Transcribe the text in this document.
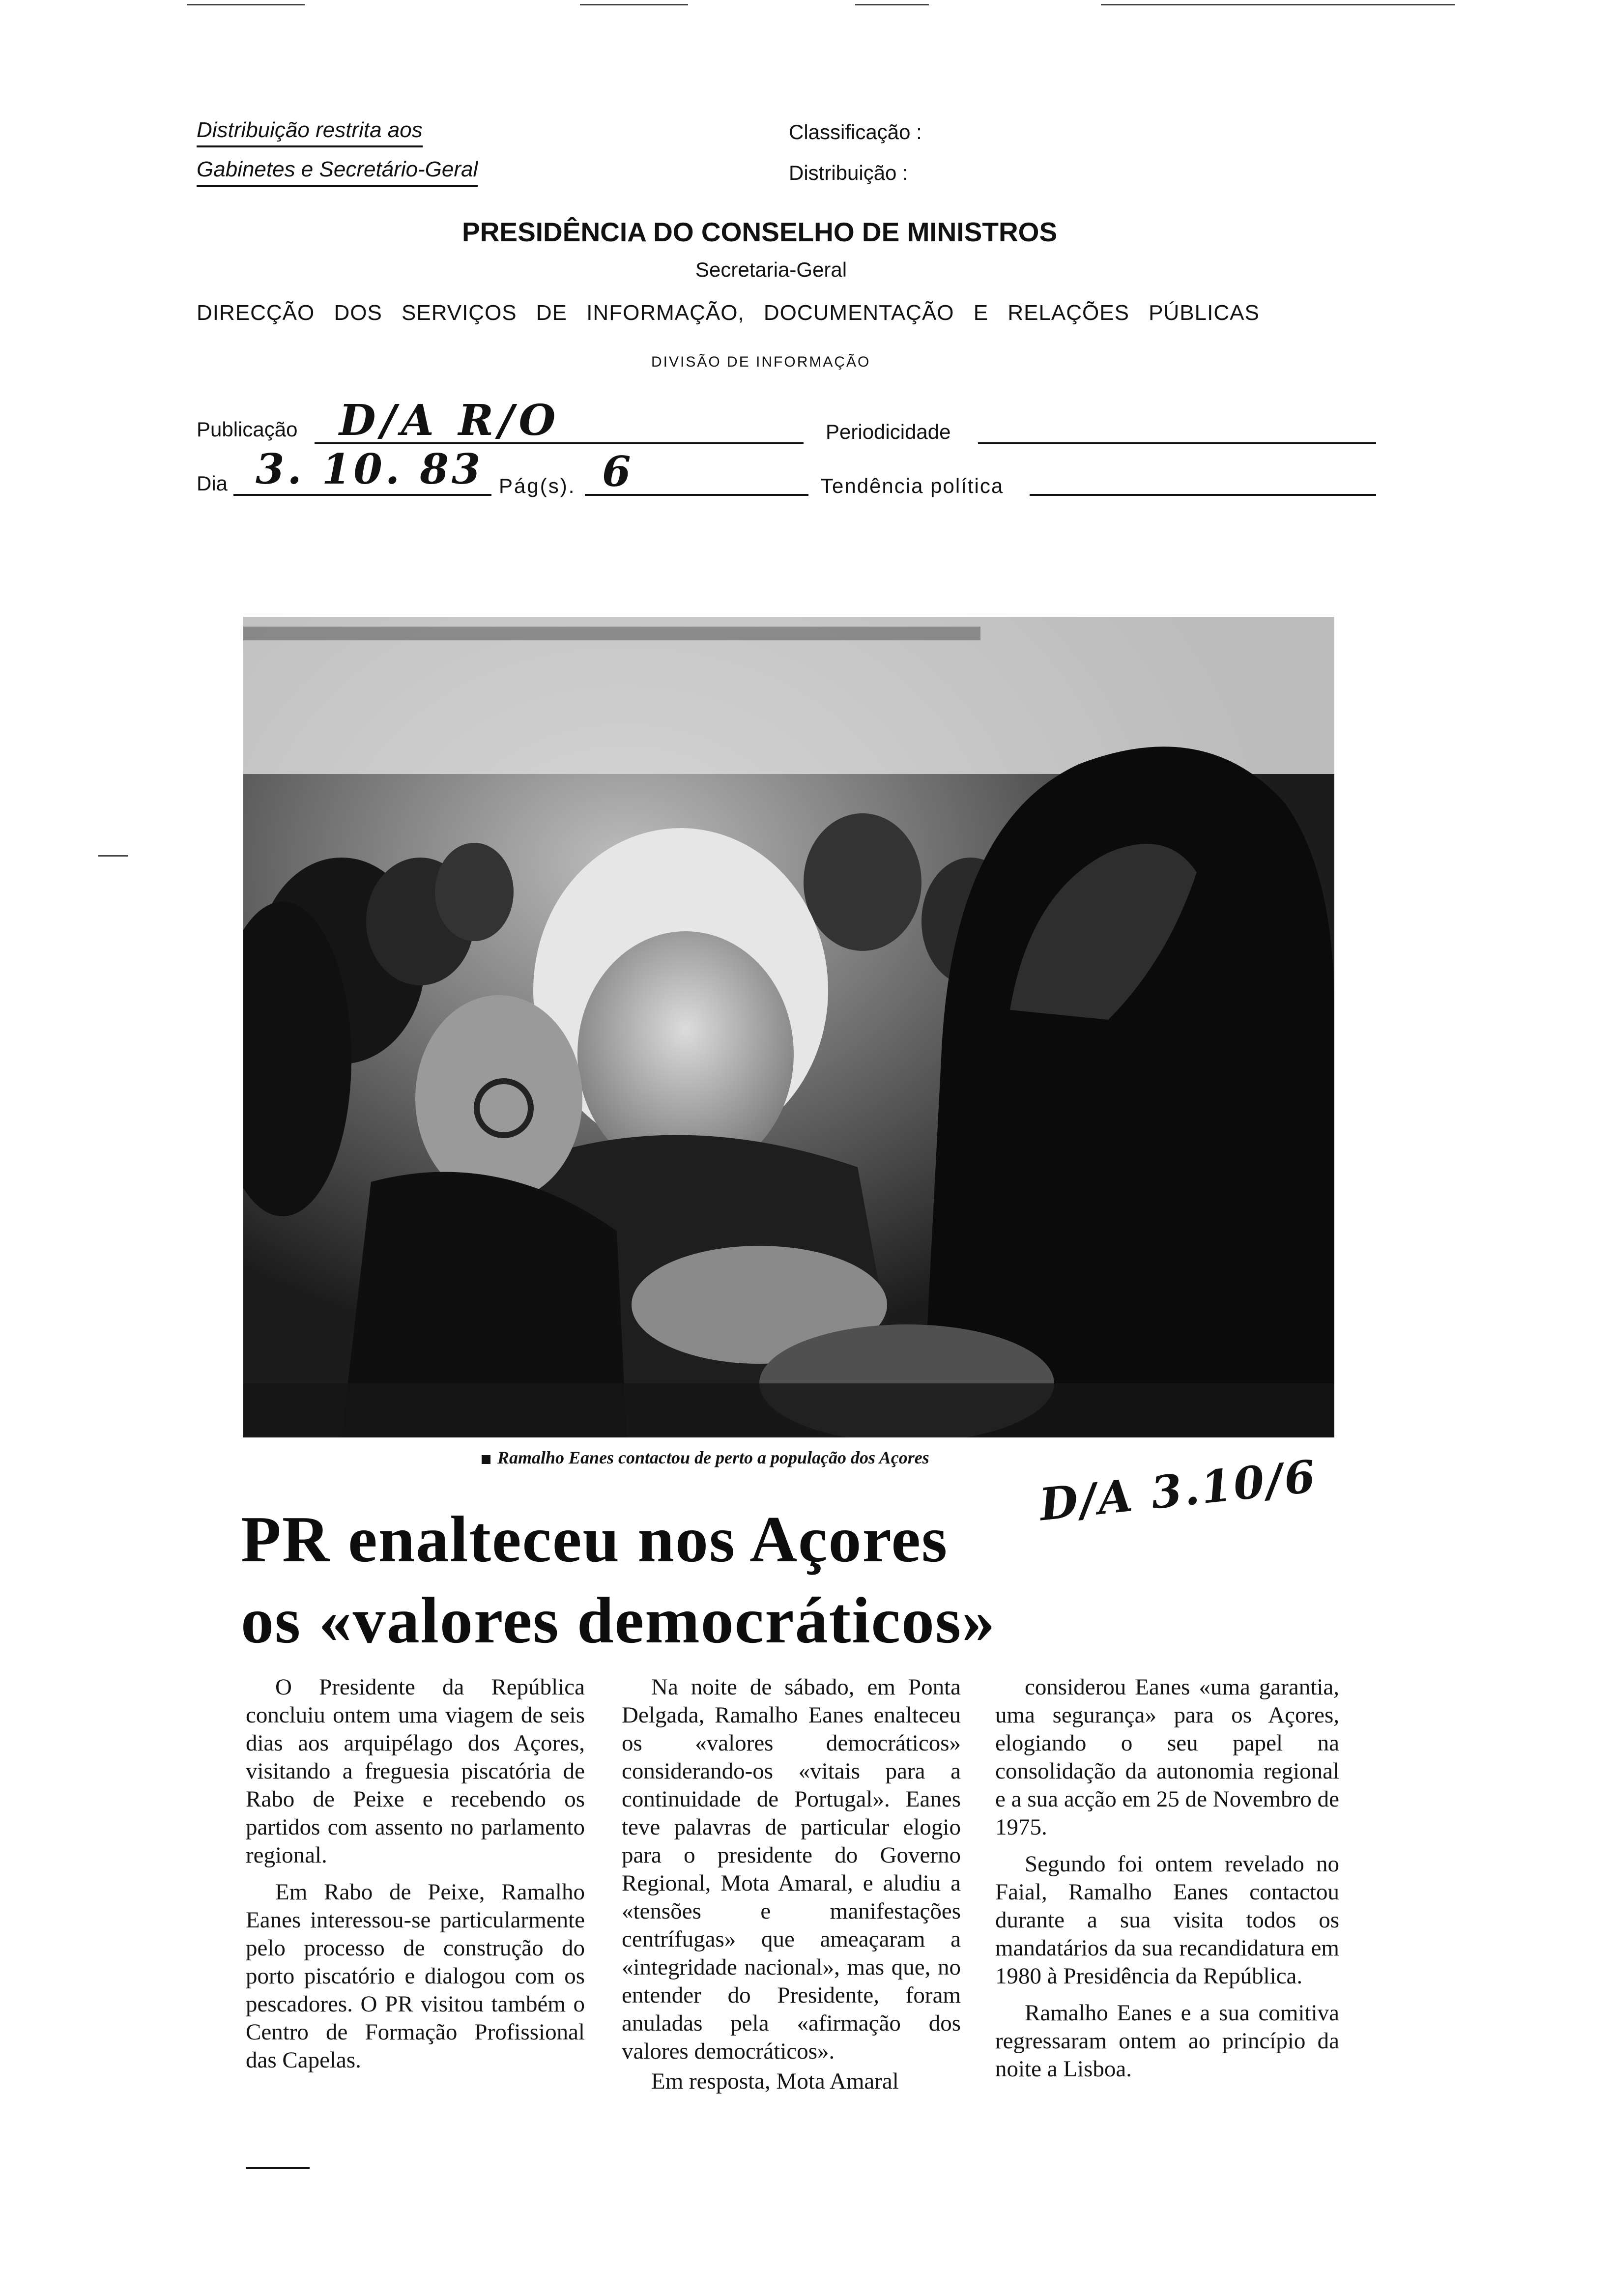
Distribuição restrita aos
Gabinetes e Secretário-Geral
Classificação :
Distribuição :
PRESIDÊNCIA DO CONSELHO DE MINISTROS
Secretaria-Geral
DIRECÇÃO DOS SERVIÇOS DE INFORMAÇÃO, DOCUMENTAÇÃO E RELAÇÕES PÚBLICAS
DIVISÃO DE INFORMAÇÃO
Publicação D/A R/O	Periodicidade
Dia 3. 10. 83 Pág(s). 6	Tendência política
Ramalho Eanes contactou de perto a população dos Açores
PR enalteceu nos Açores
os «valores democráticos»
D/A 3.10/6

O Presidente da República concluiu ontem uma viagem de seis dias aos arquipélago dos Açores, visitando a freguesia piscatória de Rabo de Peixe e recebendo os partidos com assento no parlamento regional.

Em Rabo de Peixe, Ramalho Eanes interessou-se particularmente pelo processo de construção do porto piscatório e dialogou com os pescadores. O PR visitou também o Centro de Formação Profissional das Capelas.

Na noite de sábado, em Ponta Delgada, Ramalho Eanes enalteceu os «valores democráticos» considerando-os «vitais para a continuidade de Portugal». Eanes teve palavras de particular elogio para o presidente do Governo Regional, Mota Amaral, e aludiu a «tensões e manifestações centrífugas» que ameaçaram a «integridade nacional», mas que, no entender do Presidente, foram anuladas pela «afirmação dos valores democráticos».

Em resposta, Mota Amaral

considerou Eanes «uma garantia, uma segurança» para os Açores, elogiando o seu papel na consolidação da autonomia regional e a sua acção em 25 de Novembro de 1975.

Segundo foi ontem revelado no Faial, Ramalho Eanes contactou durante a sua visita todos os mandatários da sua recandidatura em 1980 à Presidência da República.

Ramalho Eanes e a sua comitiva regressaram ontem ao princípio da noite a Lisboa.
